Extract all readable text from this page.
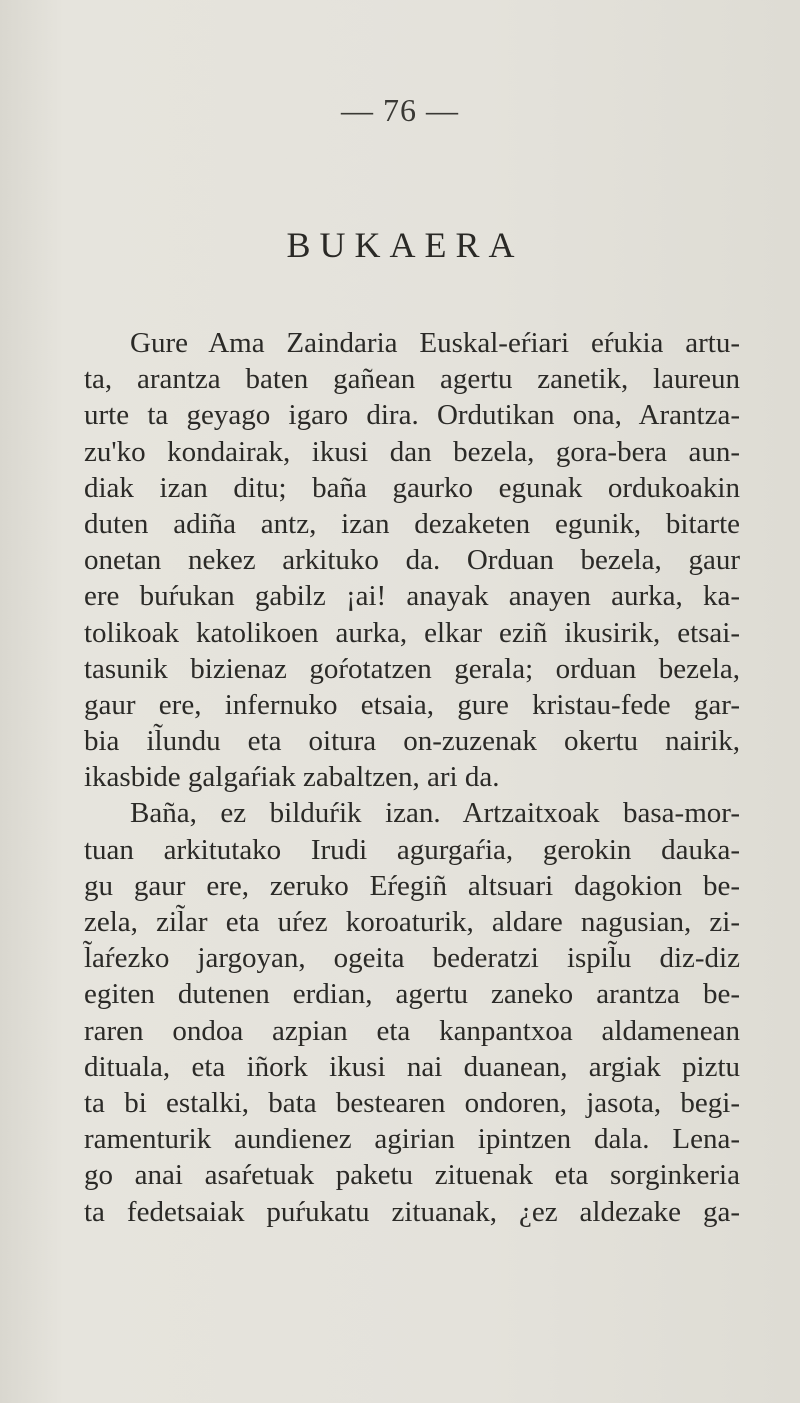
— 76 —
BUKAERA
Gure Ama Zaindaria Euskal-eŕiari eŕukia artu-
ta, arantza baten gañean agertu zanetik, laureun
urte ta geyago igaro dira. Ordutikan ona, Arantza-
zu'ko kondairak, ikusi dan bezela, gora-bera aun-
diak izan ditu; baña gaurko egunak ordukoakin
duten adiña antz, izan dezaketen egunik, bitarte
onetan nekez arkituko da. Orduan bezela, gaur
ere buŕukan gabilz ¡ai! anayak anayen aurka, ka-
tolikoak katolikoen aurka, elkar eziñ ikusirik, etsai-
tasunik bizienaz goŕotatzen gerala; orduan bezela,
gaur ere, infernuko etsaia, gure kristau-fede gar-
bia il̃undu eta oitura on-zuzenak okertu nairik,
ikasbide galgaŕiak zabaltzen, ari da.
Baña, ez bilduŕik izan. Artzaitxoak basa-mor-
tuan arkitutako Irudi agurgaŕia, gerokin dauka-
gu gaur ere, zeruko Eŕegiñ altsuari dagokion be-
zela, zil̃ar eta uŕez koroaturik, aldare nagusian, zi-
l̃aŕezko jargoyan, ogeita bederatzi ispil̃u diz-diz
egiten dutenen erdian, agertu zaneko arantza be-
raren ondoa azpian eta kanpantxoa aldamenean
dituala, eta iñork ikusi nai duanean, argiak piztu
ta bi estalki, bata bestearen ondoren, jasota, begi-
ramenturik aundienez agirian ipintzen dala. Lena-
go anai asaŕetuak paketu zituenak eta sorginkeria
ta fedetsaiak puŕukatu zituanak, ¿ez aldezake ga-
